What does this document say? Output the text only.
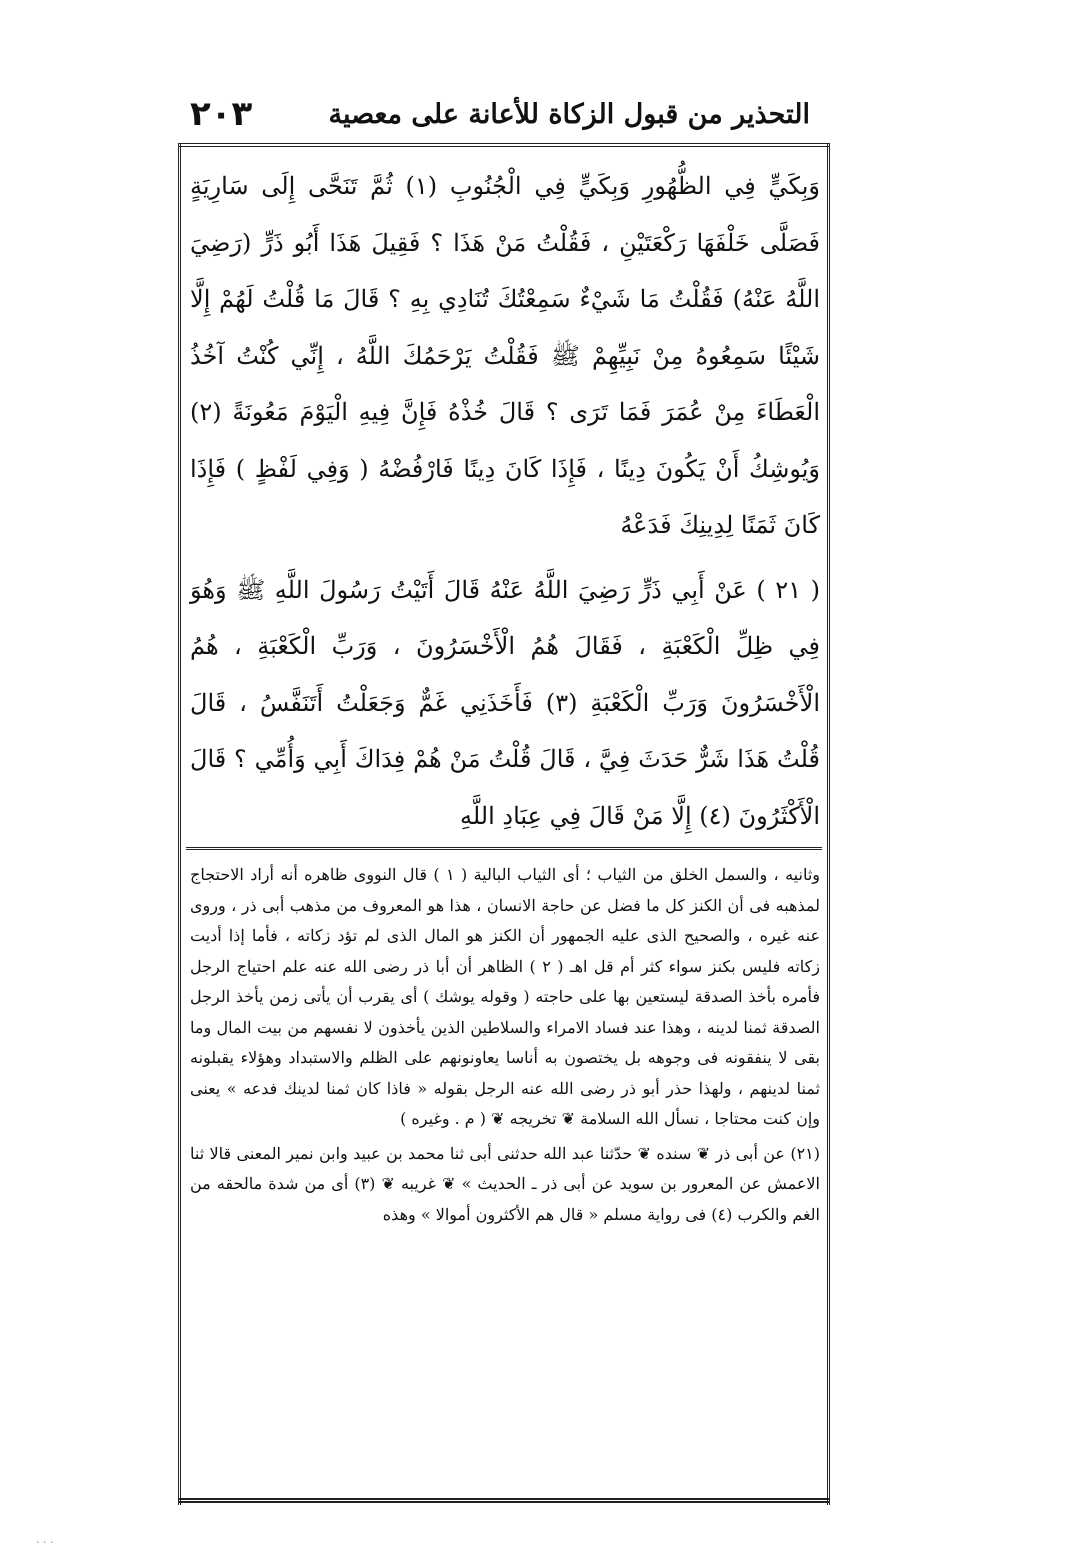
التحذير من قبول الزكاة للأعانة على معصية
٢٠٣

وَبِكَيٍّ فِي الظُّهُورِ وَبِكَيٍّ فِي الْجُنُوبِ (١) ثُمَّ تَنَحَّى إِلَى سَارِيَةٍ فَصَلَّى خَلْفَهَا رَكْعَتَيْنِ ، فَقُلْتُ مَنْ هَذَا ؟ فَقِيلَ هَذَا أَبُو ذَرٍّ (رَضِيَ اللَّهُ عَنْهُ) فَقُلْتُ مَا شَيْءٌ سَمِعْتُكَ تُنَادِي بِهِ ؟ قَالَ مَا قُلْتُ لَهُمْ إِلَّا شَيْئًا سَمِعُوهُ مِنْ نَبِيِّهِمْ ﷺ فَقُلْتُ يَرْحَمُكَ اللَّهُ ، إِنِّي كُنْتُ آخُذُ الْعَطَاءَ مِنْ عُمَرَ فَمَا تَرَى ؟ قَالَ خُذْهُ فَإِنَّ فِيهِ الْيَوْمَ مَعُونَةً (٢) وَيُوشِكُ أَنْ يَكُونَ دِينًا ، فَإِذَا كَانَ دِينًا فَارْفُضْهُ ( وَفِي لَفْظٍ ) فَإِذَا كَانَ ثَمَنًا لِدِينِكَ فَدَعْهُ

( ٢١ ) عَنْ أَبِي ذَرٍّ رَضِيَ اللَّهُ عَنْهُ قَالَ أَتَيْتُ رَسُولَ اللَّهِ ﷺ وَهُوَ فِي ظِلِّ الْكَعْبَةِ ، فَقَالَ هُمُ الْأَخْسَرُونَ ، وَرَبِّ الْكَعْبَةِ ، هُمُ الْأَخْسَرُونَ وَرَبِّ الْكَعْبَةِ (٣) فَأَخَذَنِي غَمٌّ وَجَعَلْتُ أَتَنَفَّسُ ، قَالَ قُلْتُ هَذَا شَرٌّ حَدَثَ فِيَّ ، قَالَ قُلْتُ مَنْ هُمْ فِدَاكَ أَبِي وَأُمِّي ؟ قَالَ الْأَكْثَرُونَ (٤) إِلَّا مَنْ قَالَ فِي عِبَادِ اللَّهِ

وثانيه ، والسمل الخلق من الثياب ؛ أى الثياب البالية ( ١ ) قال النووى ظاهره أنه أراد الاحتجاج لمذهبه فى أن الكنز كل ما فضل عن حاجة الانسان ، هذا هو المعروف من مذهب أبى ذر ، وروى عنه غيره ، والصحيح الذى عليه الجمهور أن الكنز هو المال الذى لم تؤد زكاته ، فأما إذا أديت زكاته فليس بكنز سواء كثر أم قل اهـ ( ٢ ) الظاهر أن أبا ذر رضى الله عنه علم احتياج الرجل فأمره بأخذ الصدقة ليستعين بها على حاجته ( وقوله يوشك ) أى يقرب أن يأتى زمن يأخذ الرجل الصدقة ثمنا لدينه ، وهذا عند فساد الامراء والسلاطين الذين يأخذون لا نفسهم من بيت المال وما بقى لا ينفقونه فى وجوهه بل يختصون به أناسا يعاونونهم على الظلم والاستبداد وهؤلاء يقبلونه ثمنا لدينهم ، ولهذا حذر أبو ذر رضى الله عنه الرجل بقوله « فاذا كان ثمنا لدينك فدعه » يعنى وإن كنت محتاجا ، نسأل الله السلامة ❦ تخريجه ❦ ( م . وغيره )

(٢١) عن أبى ذر ❦ سنده ❦ حدّثنا عبد الله حدثنى أبى ثنا محمد بن عبيد وابن نمير المعنى قالا ثنا الاعمش عن المعرور بن سويد عن أبى ذر ـ الحديث » ❦ غريبه ❦ (٣) أى من شدة مالحقه من الغم والكرب (٤) فى رواية مسلم « قال هم الأكثرون أموالا » وهذه

· · ·
